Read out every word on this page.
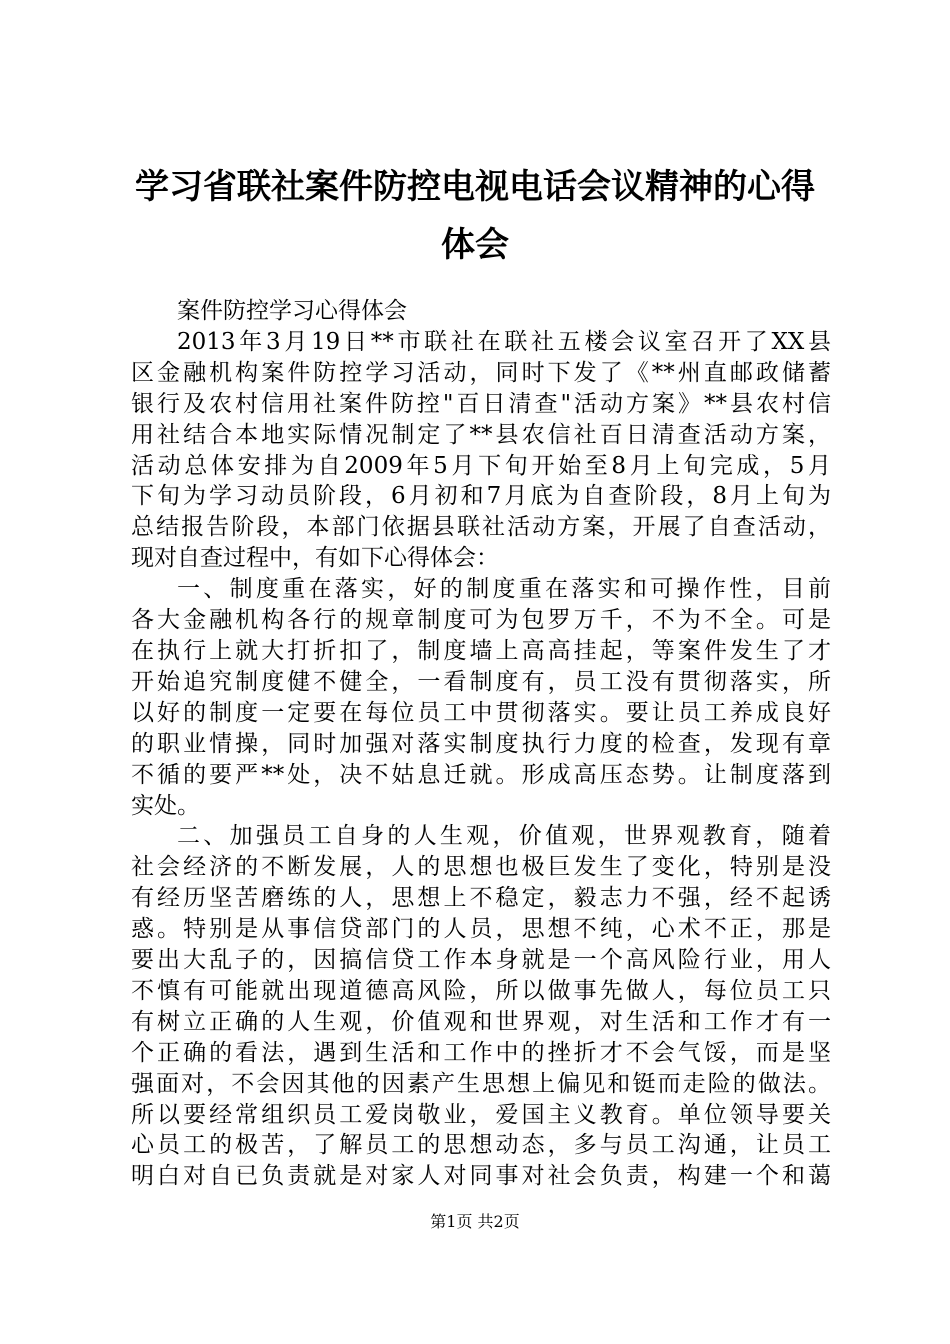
学习省联社案件防控电视电话会议精神的心得
体会
案件防控学习心得体会
2013年3月19日**市联社在联社五楼会议室召开了XX县
区金融机构案件防控学习活动，同时下发了《**州直邮政储蓄
银行及农村信用社案件防控"百日清查"活动方案》**县农村信
用社结合本地实际情况制定了**县农信社百日清查活动方案，
活动总体安排为自2009年5月下旬开始至8月上旬完成，5月
下旬为学习动员阶段，6月初和7月底为自查阶段，8月上旬为
总结报告阶段，本部门依据县联社活动方案，开展了自查活动，
现对自查过程中，有如下心得体会：
一、制度重在落实，好的制度重在落实和可操作性，目前
各大金融机构各行的规章制度可为包罗万千，不为不全。可是
在执行上就大打折扣了，制度墙上高高挂起，等案件发生了才
开始追究制度健不健全，一看制度有，员工没有贯彻落实，所
以好的制度一定要在每位员工中贯彻落实。要让员工养成良好
的职业情操，同时加强对落实制度执行力度的检查，发现有章
不循的要严**处，决不姑息迁就。形成高压态势。让制度落到
实处。
二、加强员工自身的人生观，价值观，世界观教育，随着
社会经济的不断发展，人的思想也极巨发生了变化，特别是没
有经历坚苦磨练的人，思想上不稳定，毅志力不强，经不起诱
惑。特别是从事信贷部门的人员，思想不纯，心术不正，那是
要出大乱子的，因搞信贷工作本身就是一个高风险行业，用人
不慎有可能就出现道德高风险，所以做事先做人，每位员工只
有树立正确的人生观，价值观和世界观，对生活和工作才有一
个正确的看法，遇到生活和工作中的挫折才不会气馁，而是坚
强面对，不会因其他的因素产生思想上偏见和铤而走险的做法。
所以要经常组织员工爱岗敬业，爱国主义教育。单位领导要关
心员工的极苦，了解员工的思想动态，多与员工沟通，让员工
明白对自已负责就是对家人对同事对社会负责，构建一个和蔼
第1页 共2页
